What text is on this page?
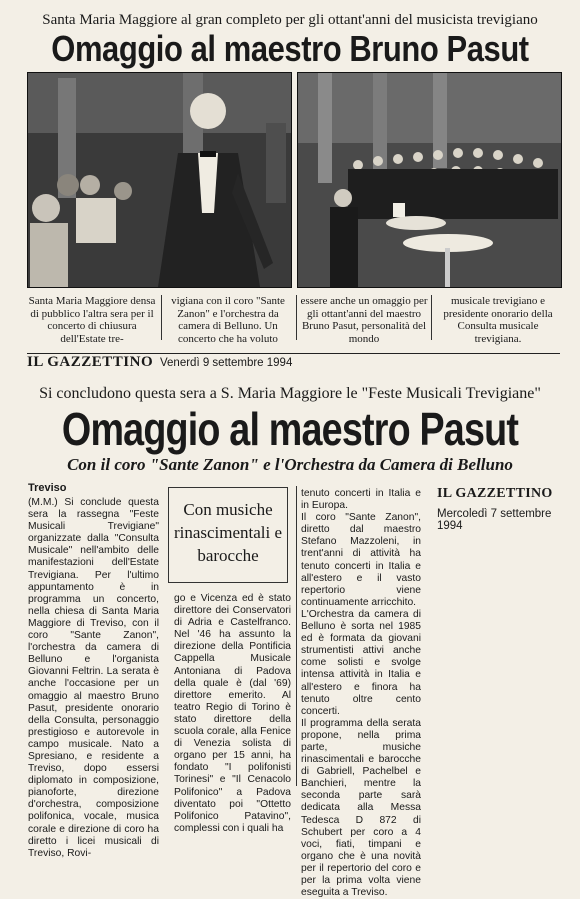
Santa Maria Maggiore al gran completo per gli ottant'anni del musicista trevigiano
Omaggio al maestro Bruno Pasut
Santa Maria Maggiore densa di pubblico l'altra sera per il concerto di chiusura dell'Estate tre-
vigiana con il coro "Sante Zanon" e l'orchestra da camera di Belluno. Un concerto che ha voluto
essere anche un omaggio per gli ottant'anni del maestro Bruno Pasut, personalità del mondo
musicale trevigiano e presidente onorario della Consulta musicale trevigiana.
IL GAZZETTINO Venerdì 9 settembre 1994
Si concludono questa sera a S. Maria Maggiore le "Feste Musicali Trevigiane"
Omaggio al maestro Pasut
Con il coro "Sante Zanon" e l'Orchestra da Camera di Belluno
Treviso
(M.M.) Si conclude questa sera la rassegna "Feste Musicali Trevigiane" organizzate dalla "Consulta Musicale" nell'ambito delle manifestazioni dell'Estate Trevigiana. Per l'ultimo appuntamento è in programma un concerto, nella chiesa di Santa Maria Maggiore di Treviso, con il coro "Sante Zanon", l'orchestra da camera di Belluno e l'organista Giovanni Feltrin. La serata è anche l'occasione per un omaggio al maestro Bruno Pasut, presidente onorario della Consulta, personaggio prestigioso e autorevole in campo musicale. Nato a Spresiano, e residente a Treviso, dopo essersi diplomato in composizione, pianoforte, direzione d'orchestra, composizione polifonica, vocale, musica corale e direzione di coro ha diretto i licei musicali di Treviso, Rovi-
Con musiche rinascimentali e barocche
go e Vicenza ed è stato direttore dei Conservatori di Adria e Castelfranco. Nel '46 ha assunto la direzione della Pontificia Cappella Musicale Antoniana di Padova della quale è (dal '69) direttore emerito. Al teatro Regio di Torino è stato direttore della scuola corale, alla Fenice di Venezia solista di organo per 15 anni, ha fondato "I polifonisti Torinesi" e "Il Cenacolo Polifonico" a Padova diventato poi "Ottetto Polifonico Patavino", complessi con i quali ha
tenuto concerti in Italia e in Europa.
Il coro "Sante Zanon", diretto dal maestro Stefano Mazzoleni, in trent'anni di attività ha tenuto concerti in Italia e all'estero e il vasto repertorio viene continuamente arricchito.
L'Orchestra da camera di Belluno è sorta nel 1985 ed è formata da giovani strumentisti attivi anche come solisti e svolge intensa attività in Italia e all'estero e finora ha tenuto oltre cento concerti.
Il programma della serata propone, nella prima parte, musiche rinascimentali e barocche di Gabriell, Pachelbel e Banchieri, mentre la seconda parte sarà dedicata alla Messa Tedesca D 872 di Schubert per coro a 4 voci, fiati, timpani e organo che è una novità per il repertorio del coro e per la prima volta viene eseguita a Treviso.
IL GAZZETTINO
Mercoledì 7 settembre 1994
